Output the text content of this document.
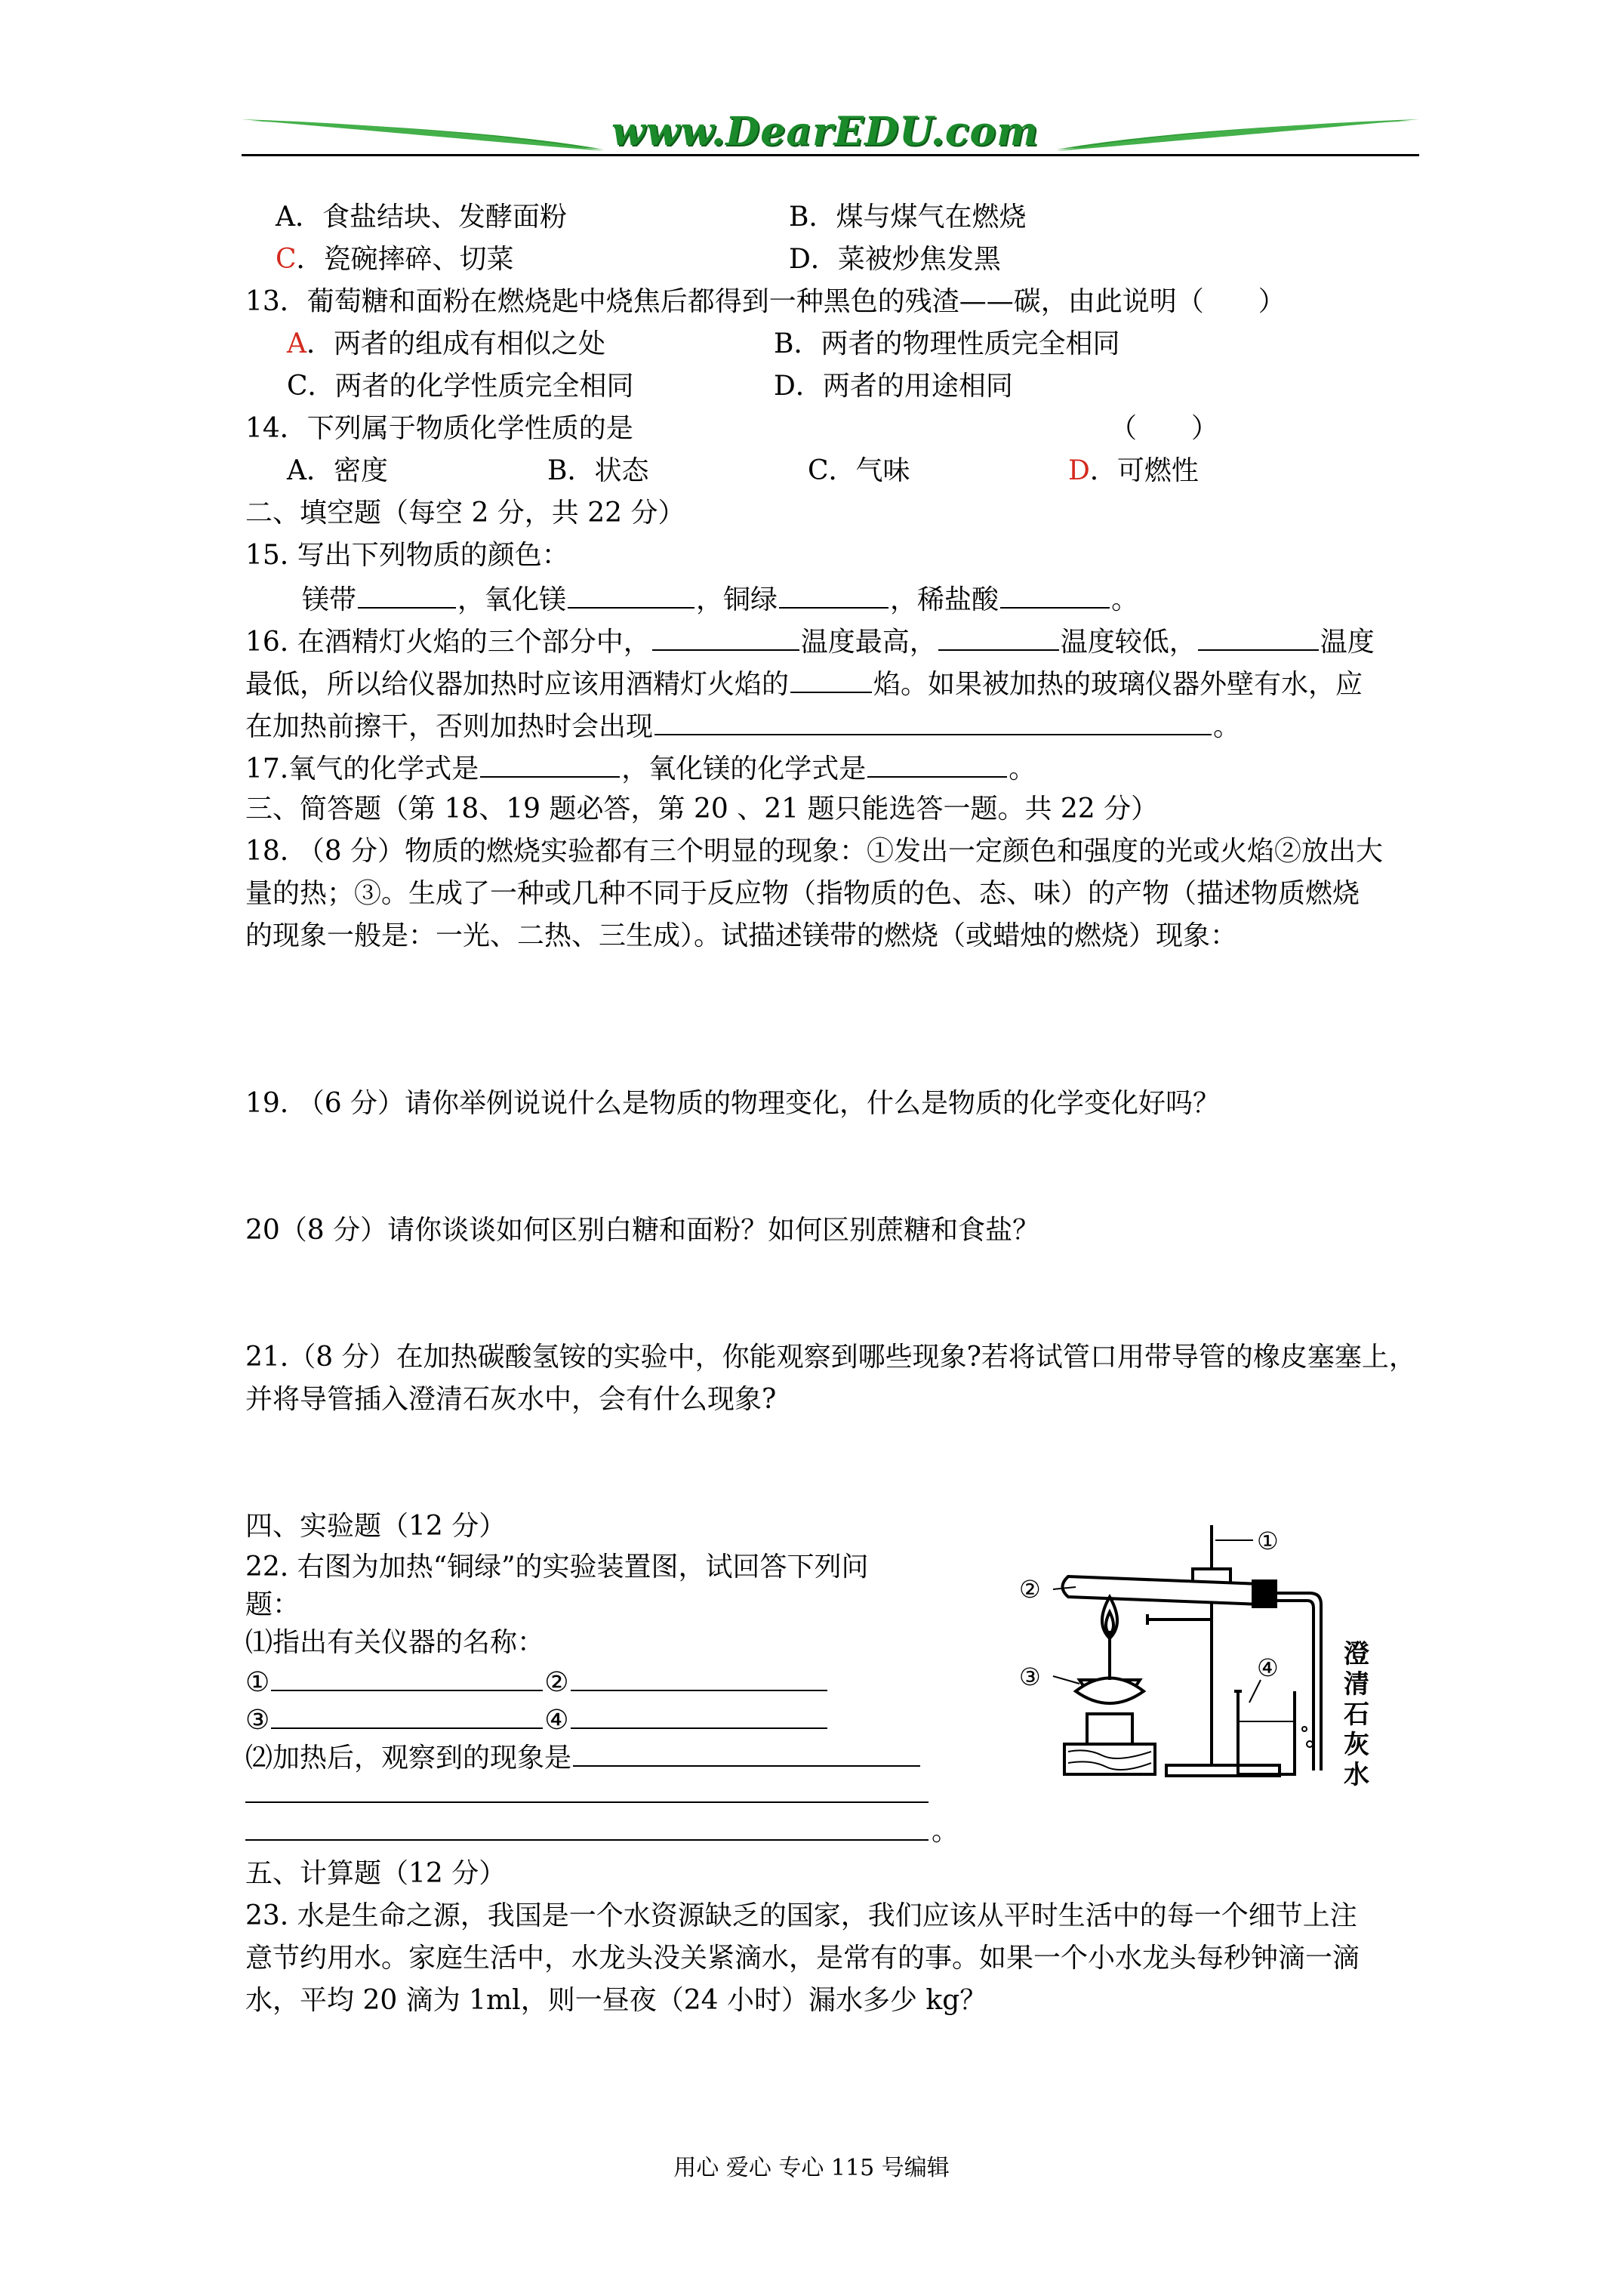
www.DearEDU.com
A．食盐结块、发酵面粉	B．煤与煤气在燃烧
C．瓷碗摔碎、切菜	D．菜被炒焦发黑
13．葡萄糖和面粉在燃烧匙中烧焦后都得到一种黑色的残渣——碳，由此说明（　　）
A．两者的组成有相似之处	B．两者的物理性质完全相同
C．两者的化学性质完全相同	D．两者的用途相同
14．下列属于物质化学性质的是	（　　）
A．密度	B．状态	C．气味	D．可燃性
二、填空题（每空 2 分，共 22 分）
15. 写出下列物质的颜色：
镁带	，氧化镁	，铜绿	，稀盐酸	。
16. 在酒精灯火焰的三个部分中，	温度最高，	温度较低，	温度
最低，所以给仪器加热时应该用酒精灯火焰的	焰。如果被加热的玻璃仪器外壁有水，应
在加热前擦干，否则加热时会出现	。
17.氧气的化学式是	，氧化镁的化学式是	。
三、简答题（第 18、19 题必答，第 20 、21 题只能选答一题。共 22 分）
18. （8 分）物质的燃烧实验都有三个明显的现象：①发出一定颜色和强度的光或火焰②放出大
量的热；③。生成了一种或几种不同于反应物（指物质的色、态、味）的产物（描述物质燃烧
的现象一般是：一光、二热、三生成）。试描述镁带的燃烧（或蜡烛的燃烧）现象：
19. （6 分）请你举例说说什么是物质的物理变化，什么是物质的化学变化好吗？
20（8 分）请你谈谈如何区别白糖和面粉？如何区别蔗糖和食盐？
21.（8 分）在加热碳酸氢铵的实验中，你能观察到哪些现象?若将试管口用带导管的橡皮塞塞上，
并将导管插入澄清石灰水中，会有什么现象?
四、实验题（12 分）
22. 右图为加热“铜绿”的实验装置图，试回答下列问
题：
⑴指出有关仪器的名称：
①	②
③	④
⑵加热后，观察到的现象是
。
①
②
③	④	澄
清
石
灰
水
五、计算题（12 分）
23. 水是生命之源，我国是一个水资源缺乏的国家，我们应该从平时生活中的每一个细节上注
意节约用水。家庭生活中，水龙头没关紧滴水，是常有的事。如果一个小水龙头每秒钟滴一滴
水，平均 20 滴为 1ml，则一昼夜（24 小时）漏水多少 kg？
用心 爱心 专心 115 号编辑
